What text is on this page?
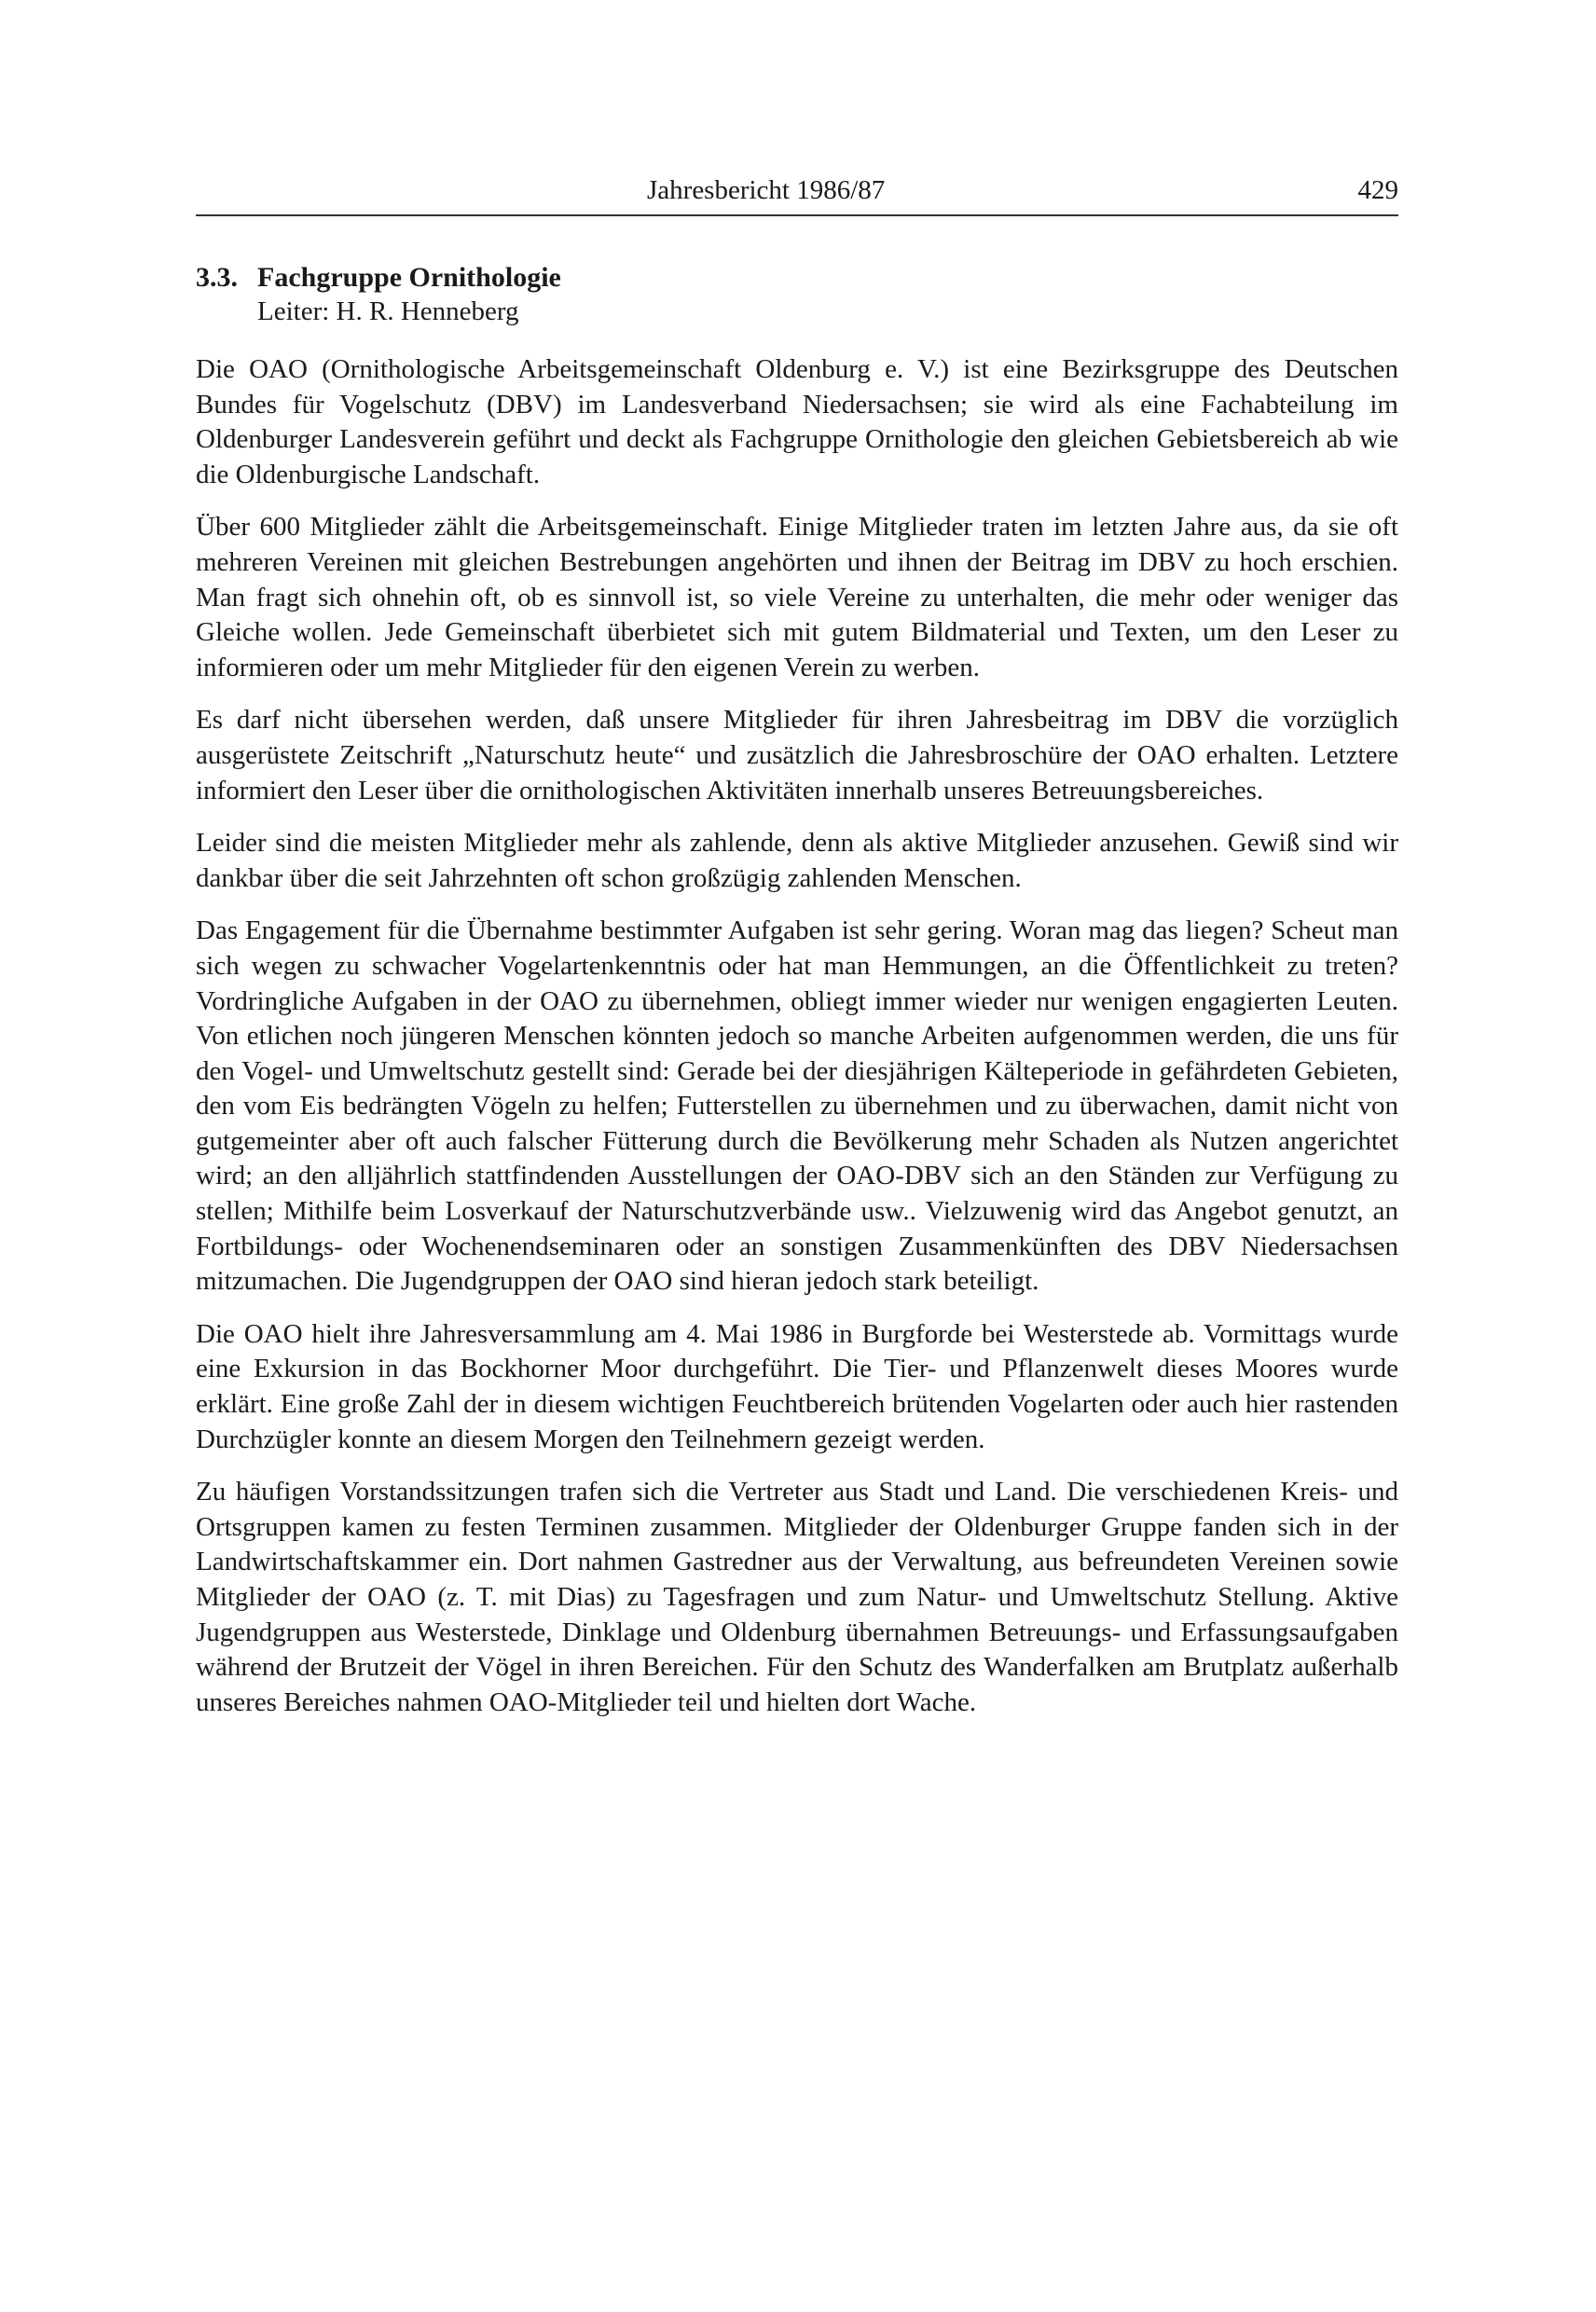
Jahresbericht 1986/87	429
3.3. Fachgruppe Ornithologie
Leiter: H. R. Henneberg

Die OAO (Ornithologische Arbeitsgemeinschaft Oldenburg e. V.) ist eine Bezirksgruppe des Deutschen Bundes für Vogelschutz (DBV) im Landesverband Niedersachsen; sie wird als eine Fachabteilung im Oldenburger Landesverein geführt und deckt als Fachgruppe Ornithologie den gleichen Gebietsbereich ab wie die Oldenburgische Landschaft.

Über 600 Mitglieder zählt die Arbeitsgemeinschaft. Einige Mitglieder traten im letzten Jahre aus, da sie oft mehreren Vereinen mit gleichen Bestrebungen angehörten und ihnen der Beitrag im DBV zu hoch erschien. Man fragt sich ohnehin oft, ob es sinnvoll ist, so viele Vereine zu unterhalten, die mehr oder weniger das Gleiche wollen. Jede Gemeinschaft überbietet sich mit gutem Bildmaterial und Texten, um den Leser zu informieren oder um mehr Mitglieder für den eigenen Verein zu werben.

Es darf nicht übersehen werden, daß unsere Mitglieder für ihren Jahresbeitrag im DBV die vorzüglich ausgerüstete Zeitschrift „Naturschutz heute“ und zusätzlich die Jahresbroschüre der OAO erhalten. Letztere informiert den Leser über die ornithologischen Aktivitäten innerhalb unseres Betreuungsbereiches.

Leider sind die meisten Mitglieder mehr als zahlende, denn als aktive Mitglieder anzusehen. Gewiß sind wir dankbar über die seit Jahrzehnten oft schon großzügig zahlenden Menschen.

Das Engagement für die Übernahme bestimmter Aufgaben ist sehr gering. Woran mag das liegen? Scheut man sich wegen zu schwacher Vogelartenkenntnis oder hat man Hemmungen, an die Öffentlichkeit zu treten? Vordringliche Aufgaben in der OAO zu übernehmen, obliegt immer wieder nur wenigen engagierten Leuten. Von etlichen noch jüngeren Menschen könnten jedoch so manche Arbeiten aufgenommen werden, die uns für den Vogel- und Umweltschutz gestellt sind: Gerade bei der diesjährigen Kälteperiode in gefährdeten Gebieten, den vom Eis bedrängten Vögeln zu helfen; Futterstellen zu übernehmen und zu überwachen, damit nicht von gutgemeinter aber oft auch falscher Fütterung durch die Bevölkerung mehr Schaden als Nutzen angerichtet wird; an den alljährlich stattfindenden Ausstellungen der OAO-DBV sich an den Ständen zur Verfügung zu stellen; Mithilfe beim Losverkauf der Naturschutzverbände usw.. Vielzuwenig wird das Angebot genutzt, an Fortbildungs- oder Wochenendseminaren oder an sonstigen Zusammenkünften des DBV Niedersachsen mitzumachen. Die Jugendgruppen der OAO sind hieran jedoch stark beteiligt.

Die OAO hielt ihre Jahresversammlung am 4. Mai 1986 in Burgforde bei Westerstede ab. Vormittags wurde eine Exkursion in das Bockhorner Moor durchgeführt. Die Tier- und Pflanzenwelt dieses Moores wurde erklärt. Eine große Zahl der in diesem wichtigen Feuchtbereich brütenden Vogelarten oder auch hier rastenden Durchzügler konnte an diesem Morgen den Teilnehmern gezeigt werden.

Zu häufigen Vorstandssitzungen trafen sich die Vertreter aus Stadt und Land. Die verschiedenen Kreis- und Ortsgruppen kamen zu festen Terminen zusammen. Mitglieder der Oldenburger Gruppe fanden sich in der Landwirtschaftskammer ein. Dort nahmen Gastredner aus der Verwaltung, aus befreundeten Vereinen sowie Mitglieder der OAO (z. T. mit Dias) zu Tagesfragen und zum Natur- und Umweltschutz Stellung. Aktive Jugendgruppen aus Westerstede, Dinklage und Oldenburg übernahmen Betreuungs- und Erfassungsaufgaben während der Brutzeit der Vögel in ihren Bereichen. Für den Schutz des Wanderfalken am Brutplatz außerhalb unseres Bereiches nahmen OAO-Mitglieder teil und hielten dort Wache.
